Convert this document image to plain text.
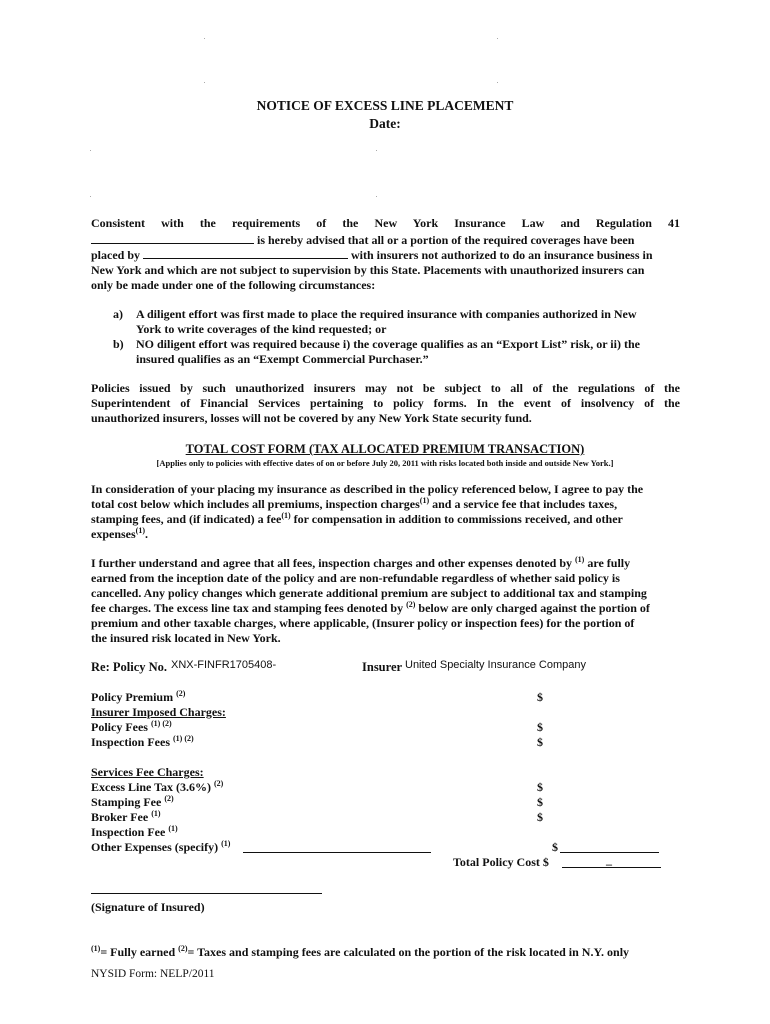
NOTICE OF EXCESS LINE PLACEMENT
Date:
Consistent with the requirements of the New York Insurance Law and Regulation 41
is hereby advised that all or a portion of the required coverages have been
placed by	with insurers not authorized to do an insurance business in
New York and which are not subject to supervision by this State. Placements with unauthorized insurers can
only be made under one of the following circumstances:
a) A diligent effort was first made to place the required insurance with companies authorized in New
York to write coverages of the kind requested; or
b) NO diligent effort was required because i) the coverage qualifies as an “Export List” risk, or ii) the
insured qualifies as an “Exempt Commercial Purchaser.”
Policies issued by such unauthorized insurers may not be subject to all of the regulations of the
Superintendent of Financial Services pertaining to policy forms. In the event of insolvency of the
unauthorized insurers, losses will not be covered by any New York State security fund.
TOTAL COST FORM (TAX ALLOCATED PREMIUM TRANSACTION)
[Applies only to policies with effective dates of on or before July 20, 2011 with risks located both inside and outside New York.]
In consideration of your placing my insurance as described in the policy referenced below, I agree to pay the
total cost below which includes all premiums, inspection charges$^{(1)}$ and a service fee that includes taxes,
stamping fees, and (if indicated) a fee$^{(1)}$ for compensation in addition to commissions received, and other
expenses$^{(1)}$.
I further understand and agree that all fees, inspection charges and other expenses denoted by $^{(1)}$ are fully
earned from the inception date of the policy and are non-refundable regardless of whether said policy is
cancelled. Any policy changes which generate additional premium are subject to additional tax and stamping
fee charges. The excess line tax and stamping fees denoted by $^{(2)}$ below are only charged against the portion of
premium and other taxable charges, where applicable, (Insurer policy or inspection fees) for the portion of
the insured risk located in New York.
Re: Policy No. XNX-FINFR1705408-	Insurer United Specialty Insurance Company
Policy Premium $^{(2)}$	$
Insurer Imposed Charges:
Policy Fees $^{(1) (2)}$	$
Inspection Fees $^{(1) (2)}$	$
Services Fee Charges:
Excess Line Tax (3.6%) $^{(2)}$	$
Stamping Fee $^{(2)}$	$
Broker Fee $^{(1)}$	$
Inspection Fee $^{(1)}$
Other Expenses (specify) $^{(1)}$	$
Total Policy Cost $	_
(Signature of Insured)
$^{(1)}$= Fully earned $^{(2)}$= Taxes and stamping fees are calculated on the portion of the risk located in N.Y. only
NYSID Form: NELP/2011
